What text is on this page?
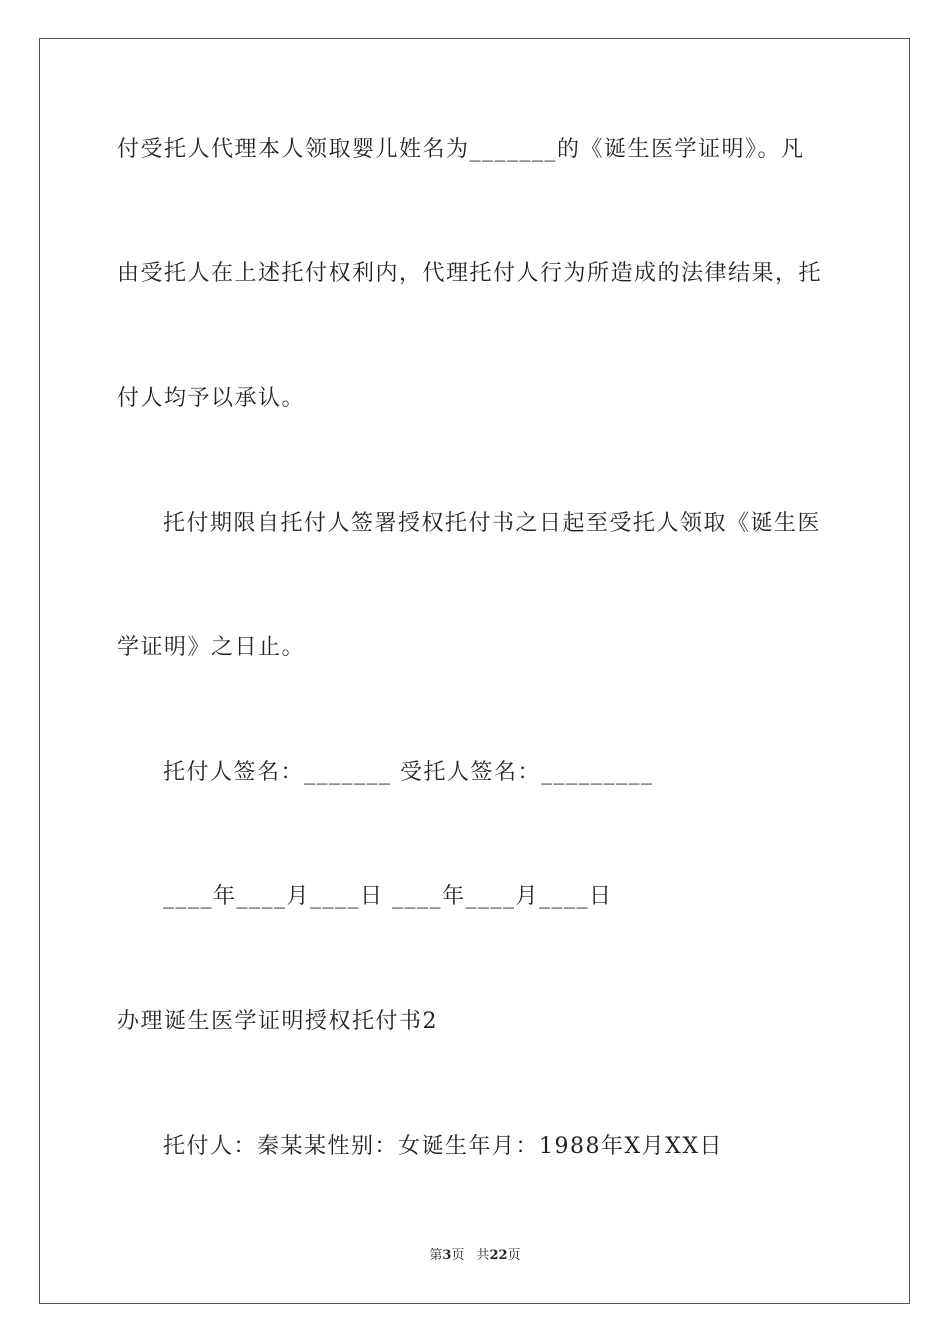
付受托人代理本人领取婴儿姓名为_______的《诞生医学证明》。凡
由受托人在上述托付权利内，代理托付人行为所造成的法律结果，托
付人均予以承认。
托付期限自托付人签署授权托付书之日起至受托人领取《诞生医
学证明》之日止。
托付人签名：_______ 受托人签名：_________
____年____月____日 ____年____月____日
办理诞生医学证明授权托付书2
托付人：秦某某性别：女诞生年月：1988年X月XX日
第3页 共22页
